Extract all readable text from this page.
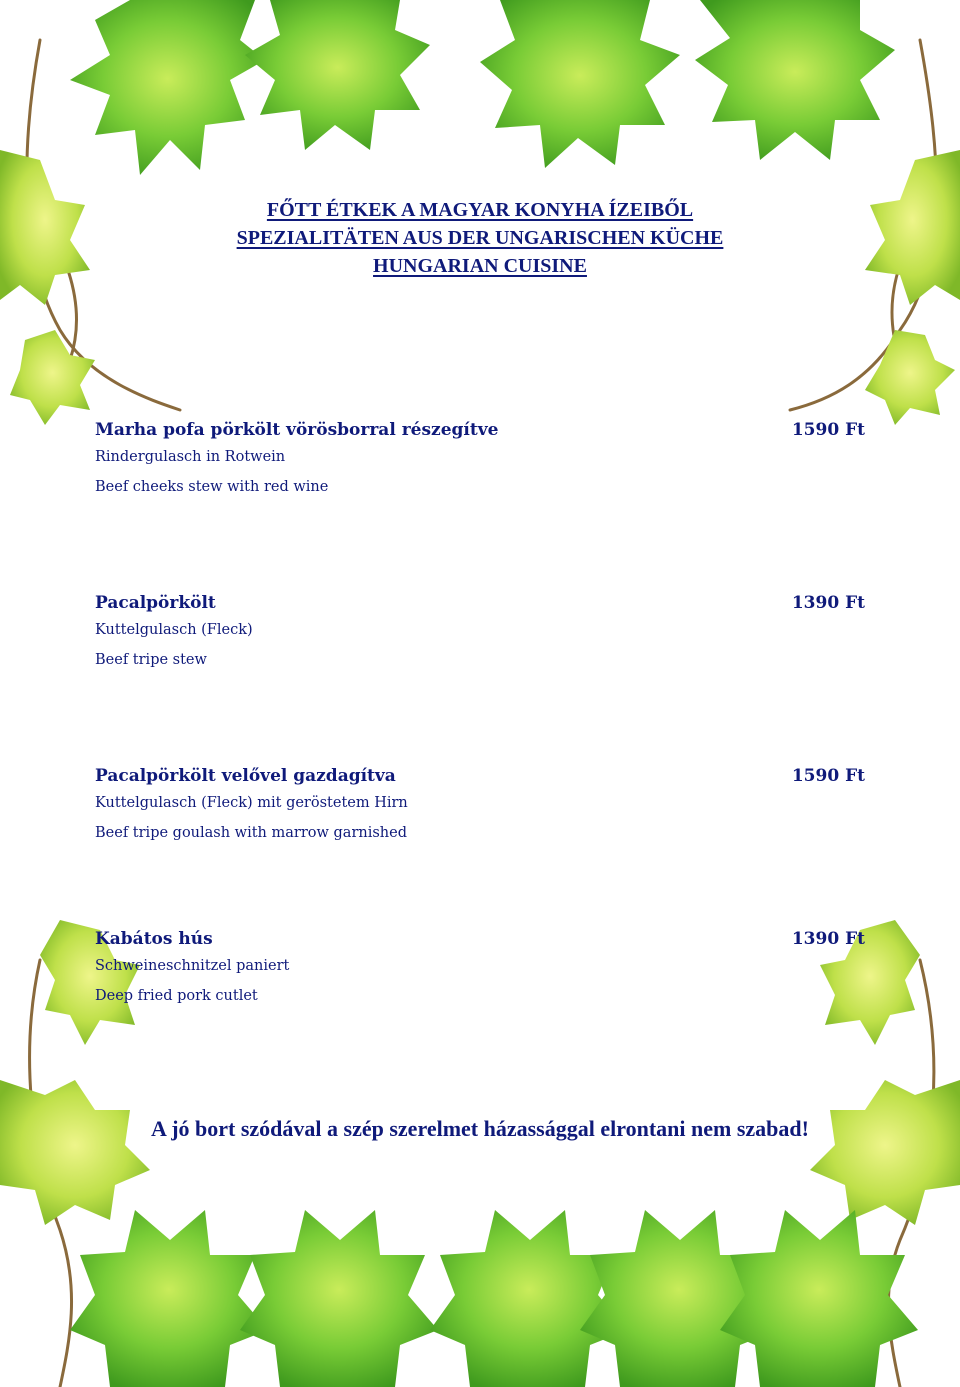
FŐTT ÉTKEK A MAGYAR KONYHA ÍZEIBŐL
SPEZIALITÄTEN AUS DER UNGARISCHEN KÜCHE
HUNGARIAN CUISINE
Marha pofa pörkölt vörösborral részegítve	1590 Ft
Rindergulasch in Rotwein
Beef cheeks stew with red wine
Pacalpörkölt	1390 Ft
Kuttelgulasch (Fleck)
Beef tripe stew
Pacalpörkölt velővel gazdagítva	1590 Ft
Kuttelgulasch (Fleck) mit geröstetem Hirn
Beef tripe goulash with marrow garnished
Kabátos hús	1390 Ft
Schweineschnitzel paniert
Deep fried pork cutlet
A jó bort szódával a szép szerelmet házassággal elrontani nem szabad!
